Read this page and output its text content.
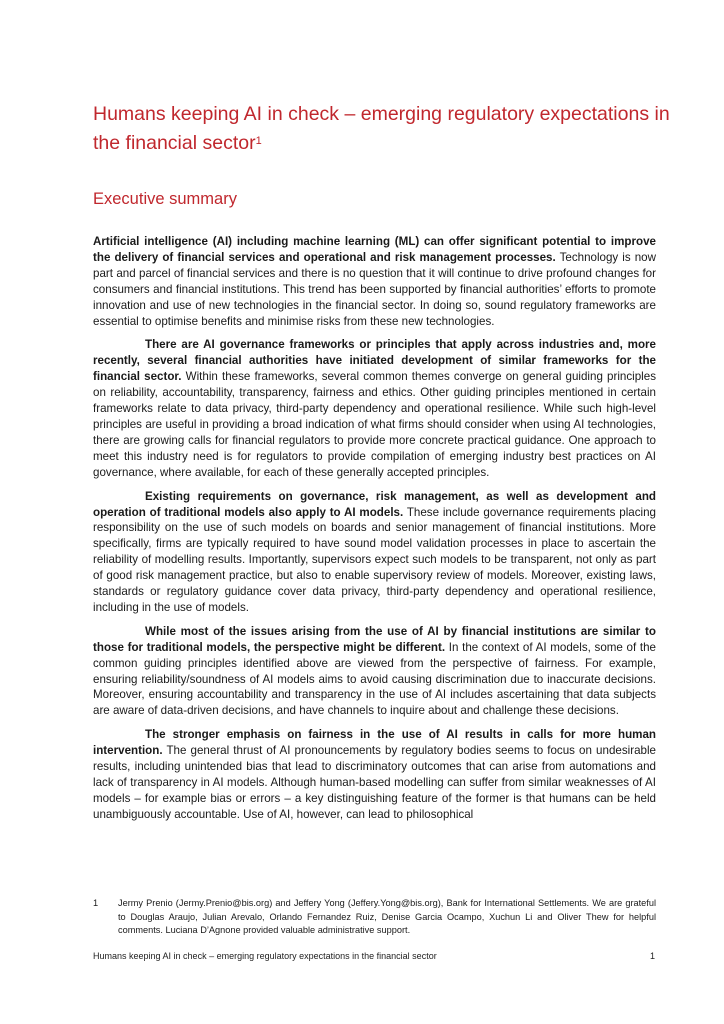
Humans keeping AI in check – emerging regulatory expectations in the financial sector$^1$
Executive summary

Artificial intelligence (AI) including machine learning (ML) can offer significant potential to improve the delivery of financial services and operational and risk management processes. Technology is now part and parcel of financial services and there is no question that it will continue to drive profound changes for consumers and financial institutions. This trend has been supported by financial authorities’ efforts to promote innovation and use of new technologies in the financial sector. In doing so, sound regulatory frameworks are essential to optimise benefits and minimise risks from these new technologies.

There are AI governance frameworks or principles that apply across industries and, more recently, several financial authorities have initiated development of similar frameworks for the financial sector. Within these frameworks, several common themes converge on general guiding principles on reliability, accountability, transparency, fairness and ethics. Other guiding principles mentioned in certain frameworks relate to data privacy, third-party dependency and operational resilience. While such high-level principles are useful in providing a broad indication of what firms should consider when using AI technologies, there are growing calls for financial regulators to provide more concrete practical guidance. One approach to meet this industry need is for regulators to provide compilation of emerging industry best practices on AI governance, where available, for each of these generally accepted principles.

Existing requirements on governance, risk management, as well as development and operation of traditional models also apply to AI models. These include governance requirements placing responsibility on the use of such models on boards and senior management of financial institutions. More specifically, firms are typically required to have sound model validation processes in place to ascertain the reliability of modelling results. Importantly, supervisors expect such models to be transparent, not only as part of good risk management practice, but also to enable supervisory review of models. Moreover, existing laws, standards or regulatory guidance cover data privacy, third-party dependency and operational resilience, including in the use of models.

While most of the issues arising from the use of AI by financial institutions are similar to those for traditional models, the perspective might be different. In the context of AI models, some of the common guiding principles identified above are viewed from the perspective of fairness. For example, ensuring reliability/soundness of AI models aims to avoid causing discrimination due to inaccurate decisions. Moreover, ensuring accountability and transparency in the use of AI includes ascertaining that data subjects are aware of data-driven decisions, and have channels to inquire about and challenge these decisions.

The stronger emphasis on fairness in the use of AI results in calls for more human intervention. The general thrust of AI pronouncements by regulatory bodies seems to focus on undesirable results, including unintended bias that lead to discriminatory outcomes that can arise from automations and lack of transparency in AI models. Although human-based modelling can suffer from similar weaknesses of AI models – for example bias or errors – a key distinguishing feature of the former is that humans can be held unambiguously accountable. Use of AI, however, can lead to philosophical

1 Jermy Prenio (Jermy.Prenio@bis.org) and Jeffery Yong (Jeffery.Yong@bis.org), Bank for International Settlements. We are grateful to Douglas Araujo, Julian Arevalo, Orlando Fernandez Ruiz, Denise Garcia Ocampo, Xuchun Li and Oliver Thew for helpful comments. Luciana D’Agnone provided valuable administrative support.
Humans keeping AI in check – emerging regulatory expectations in the financial sector	1
